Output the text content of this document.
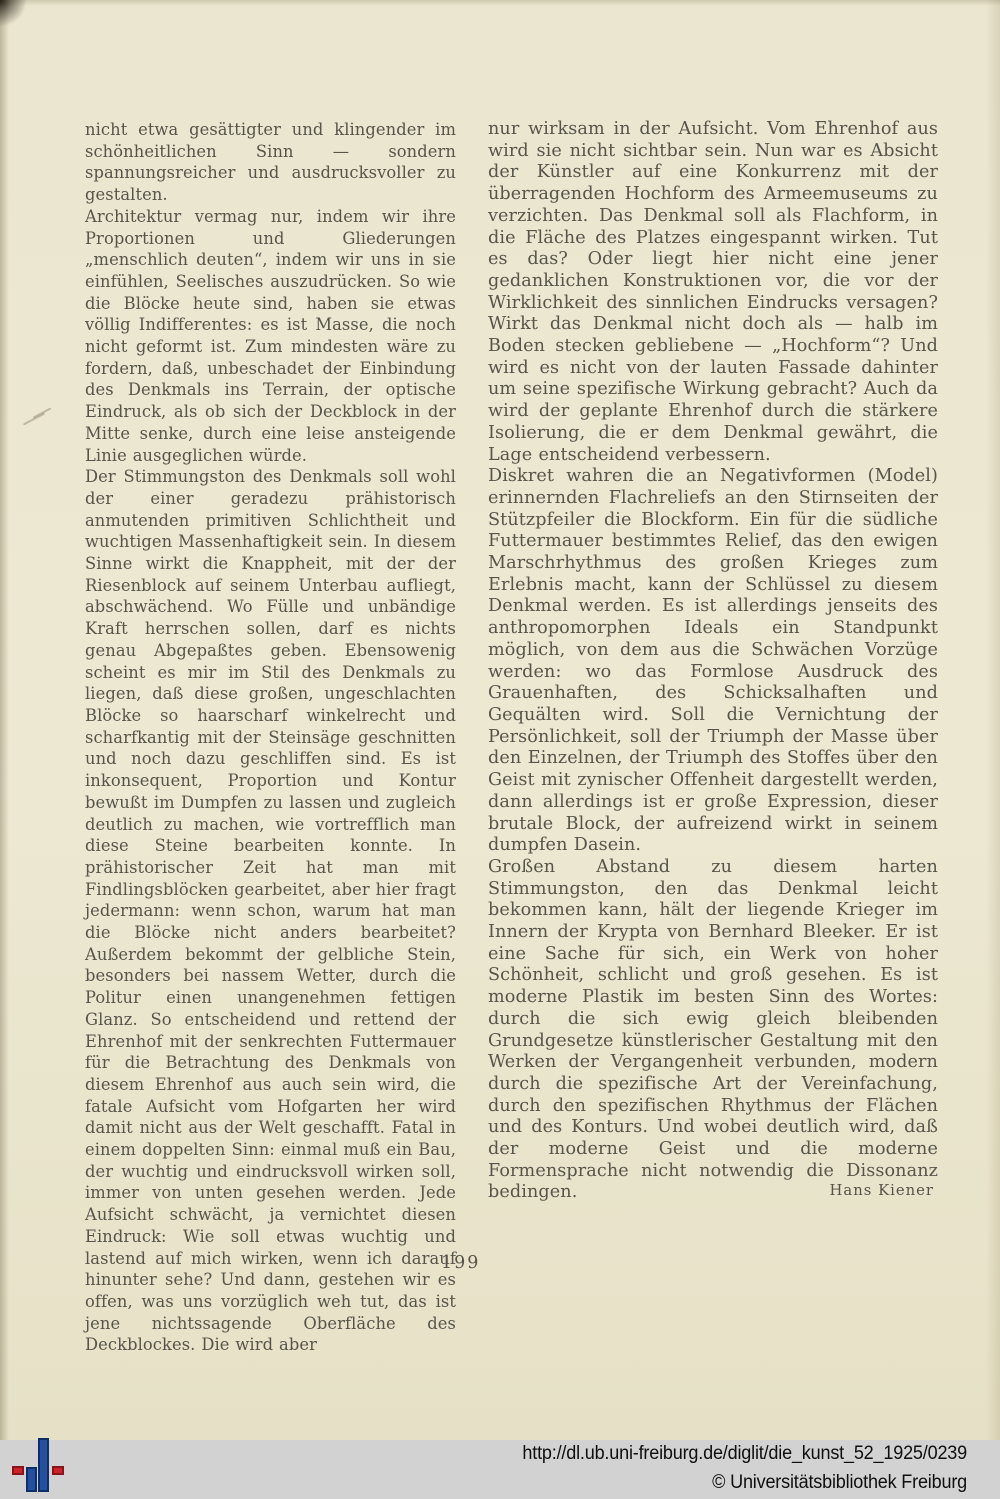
nicht etwa gesättigter und klingender im schönheitlichen Sinn — sondern spannungsreicher und ausdrucksvoller zu gestalten.

Architektur vermag nur, indem wir ihre Proportionen und Gliederungen „menschlich deuten“, indem wir uns in sie einfühlen, Seelisches auszudrücken. So wie die Blöcke heute sind, haben sie etwas völlig Indifferentes: es ist Masse, die noch nicht geformt ist. Zum mindesten wäre zu fordern, daß, unbeschadet der Einbindung des Denkmals ins Terrain, der optische Eindruck, als ob sich der Deckblock in der Mitte senke, durch eine leise ansteigende Linie ausgeglichen würde.

Der Stimmungston des Denkmals soll wohl der einer geradezu prähistorisch anmutenden primitiven Schlichtheit und wuchtigen Massenhaftigkeit sein. In diesem Sinne wirkt die Knappheit, mit der der Riesenblock auf seinem Unterbau aufliegt, abschwächend. Wo Fülle und unbändige Kraft herrschen sollen, darf es nichts genau Abgepaßtes geben. Ebensowenig scheint es mir im Stil des Denkmals zu liegen, daß diese großen, ungeschlachten Blöcke so haarscharf winkelrecht und scharfkantig mit der Steinsäge geschnitten und noch dazu geschliffen sind. Es ist inkonsequent, Proportion und Kontur bewußt im Dumpfen zu lassen und zugleich deutlich zu machen, wie vortrefflich man diese Steine bearbeiten konnte. In prähistorischer Zeit hat man mit Findlingsblöcken gearbeitet, aber hier fragt jedermann: wenn schon, warum hat man die Blöcke nicht anders bearbeitet? Außerdem bekommt der gelbliche Stein, besonders bei nassem Wetter, durch die Politur einen unangenehmen fettigen Glanz. So entscheidend und rettend der Ehrenhof mit der senkrechten Futtermauer für die Betrachtung des Denkmals von diesem Ehrenhof aus auch sein wird, die fatale Aufsicht vom Hofgarten her wird damit nicht aus der Welt geschafft. Fatal in einem doppelten Sinn: einmal muß ein Bau, der wuchtig und eindrucksvoll wirken soll, immer von unten gesehen werden. Jede Aufsicht schwächt, ja vernichtet diesen Eindruck: Wie soll etwas wuchtig und lastend auf mich wirken, wenn ich darauf hinunter sehe? Und dann, gestehen wir es offen, was uns vorzüglich weh tut, das ist jene nichtssagende Oberfläche des Deckblockes. Die wird aber

nur wirksam in der Aufsicht. Vom Ehrenhof aus wird sie nicht sichtbar sein. Nun war es Absicht der Künstler auf eine Konkurrenz mit der überragenden Hochform des Armeemuseums zu verzichten. Das Denkmal soll als Flachform, in die Fläche des Platzes eingespannt wirken. Tut es das? Oder liegt hier nicht eine jener gedanklichen Konstruktionen vor, die vor der Wirklichkeit des sinnlichen Eindrucks versagen? Wirkt das Denkmal nicht doch als — halb im Boden stecken gebliebene — „Hochform“? Und wird es nicht von der lauten Fassade dahinter um seine spezifische Wirkung gebracht? Auch da wird der geplante Ehrenhof durch die stärkere Isolierung, die er dem Denkmal gewährt, die Lage entscheidend verbessern.

Diskret wahren die an Negativformen (Model) erinnernden Flachreliefs an den Stirnseiten der Stützpfeiler die Blockform. Ein für die südliche Futtermauer bestimmtes Relief, das den ewigen Marschrhythmus des großen Krieges zum Erlebnis macht, kann der Schlüssel zu diesem Denkmal werden. Es ist allerdings jenseits des anthropomorphen Ideals ein Standpunkt möglich, von dem aus die Schwächen Vorzüge werden: wo das Formlose Ausdruck des Grauenhaften, des Schicksalhaften und Gequälten wird. Soll die Vernichtung der Persönlichkeit, soll der Triumph der Masse über den Einzelnen, der Triumph des Stoffes über den Geist mit zynischer Offenheit dargestellt werden, dann allerdings ist er große Expression, dieser brutale Block, der aufreizend wirkt in seinem dumpfen Dasein.

Großen Abstand zu diesem harten Stimmungston, den das Denkmal leicht bekommen kann, hält der liegende Krieger im Innern der Krypta von Bernhard Bleeker. Er ist eine Sache für sich, ein Werk von hoher Schönheit, schlicht und groß gesehen. Es ist moderne Plastik im besten Sinn des Wortes: durch die sich ewig gleich bleibenden Grundgesetze künstlerischer Gestaltung mit den Werken der Vergangenheit verbunden, modern durch die spezifische Art der Vereinfachung, durch den spezifischen Rhythmus der Flächen und des Konturs. Und wobei deutlich wird, daß der moderne Geist und die moderne Formensprache nicht notwendig die Dissonanz bedingen.	Hans Kiener
199
http://dl.ub.uni-freiburg.de/diglit/die_kunst_52_1925/0239
© Universitätsbibliothek Freiburg
